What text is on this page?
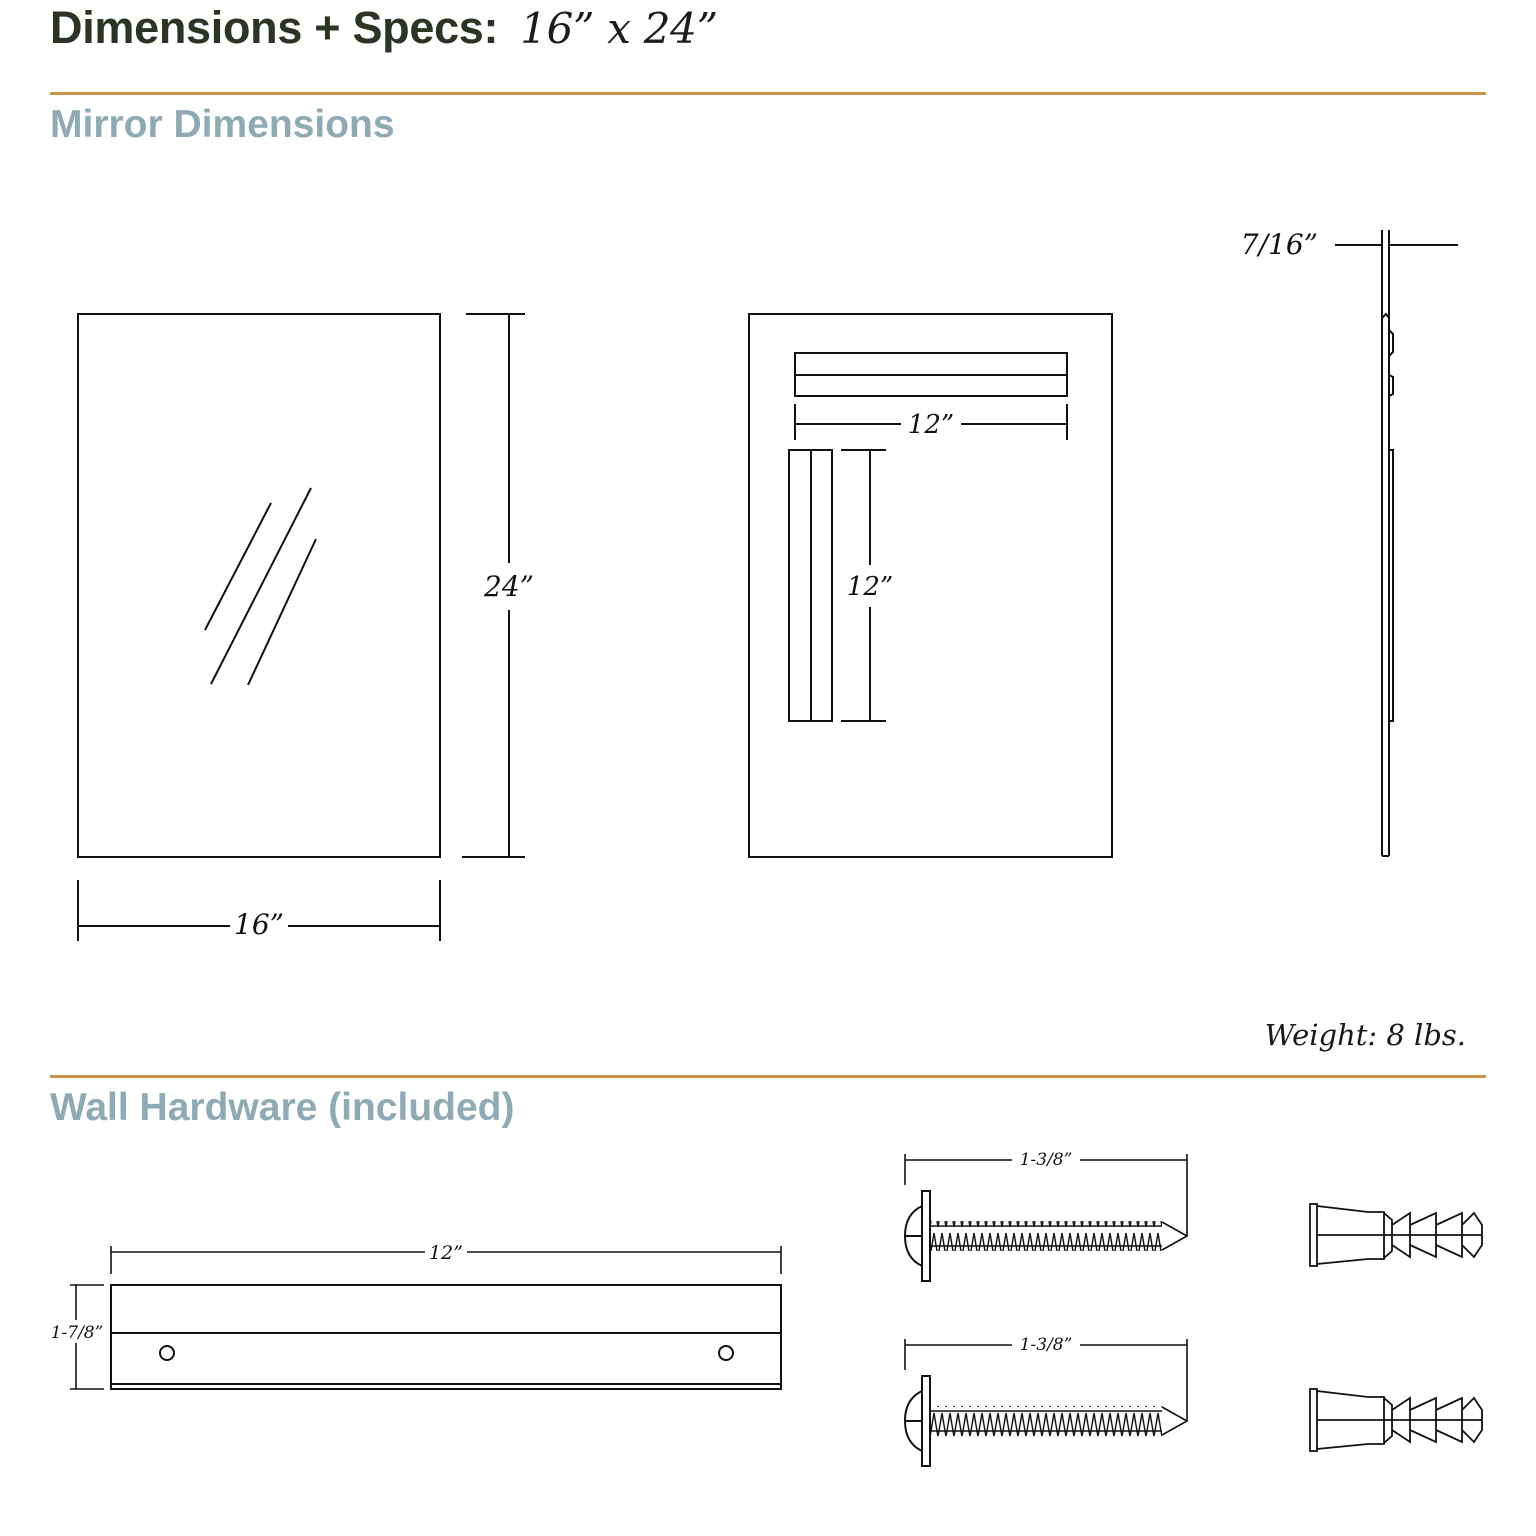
Dimensions + Specs: 16” x 24”
Mirror Dimensions
Weight: 8 lbs.
Wall Hardware (included)
24”
16”
12”
12”
7/16”
12”
1-7/8”
1-3/8”
1-3/8”
